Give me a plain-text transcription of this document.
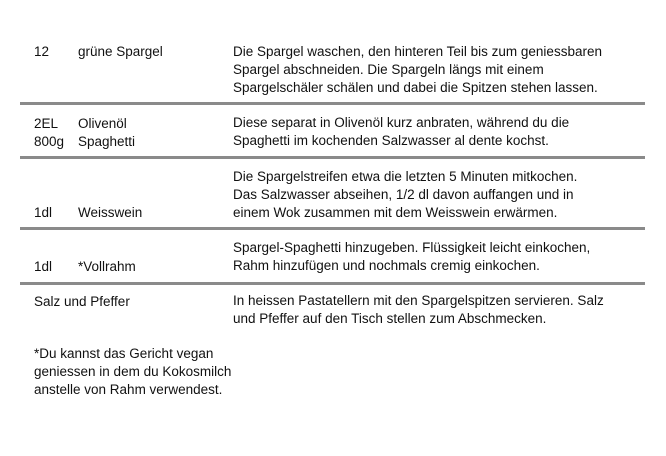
12 grüne Spargel	Die Spargel waschen, den hinteren Teil bis zum geniessbaren
Spargel abschneiden. Die Spargeln längs mit einem
Spargelschäler schälen und dabei die Spitzen stehen lassen.

2EL Olivenöl
800g Spaghetti

Diese separat in Olivenöl kurz anbraten, während du die
Spaghetti im kochenden Salzwasser al dente kochst.

1dl Weisswein

Die Spargelstreifen etwa die letzten 5 Minuten mitkochen.
Das Salzwasser abseihen, 1/2 dl davon auffangen und in
einem Wok zusammen mit dem Weisswein erwärmen.

1dl *Vollrahm

Spargel-Spaghetti hinzugeben. Flüssigkeit leicht einkochen,
Rahm hinzufügen und nochmals cremig einkochen.

Salz und Pfeffer	In heissen Pastatellern mit den Spargelspitzen servieren. Salz
und Pfeffer auf den Tisch stellen zum Abschmecken.

*Du kannst das Gericht vegan
geniessen in dem du Kokosmilch
anstelle von Rahm verwendest.
